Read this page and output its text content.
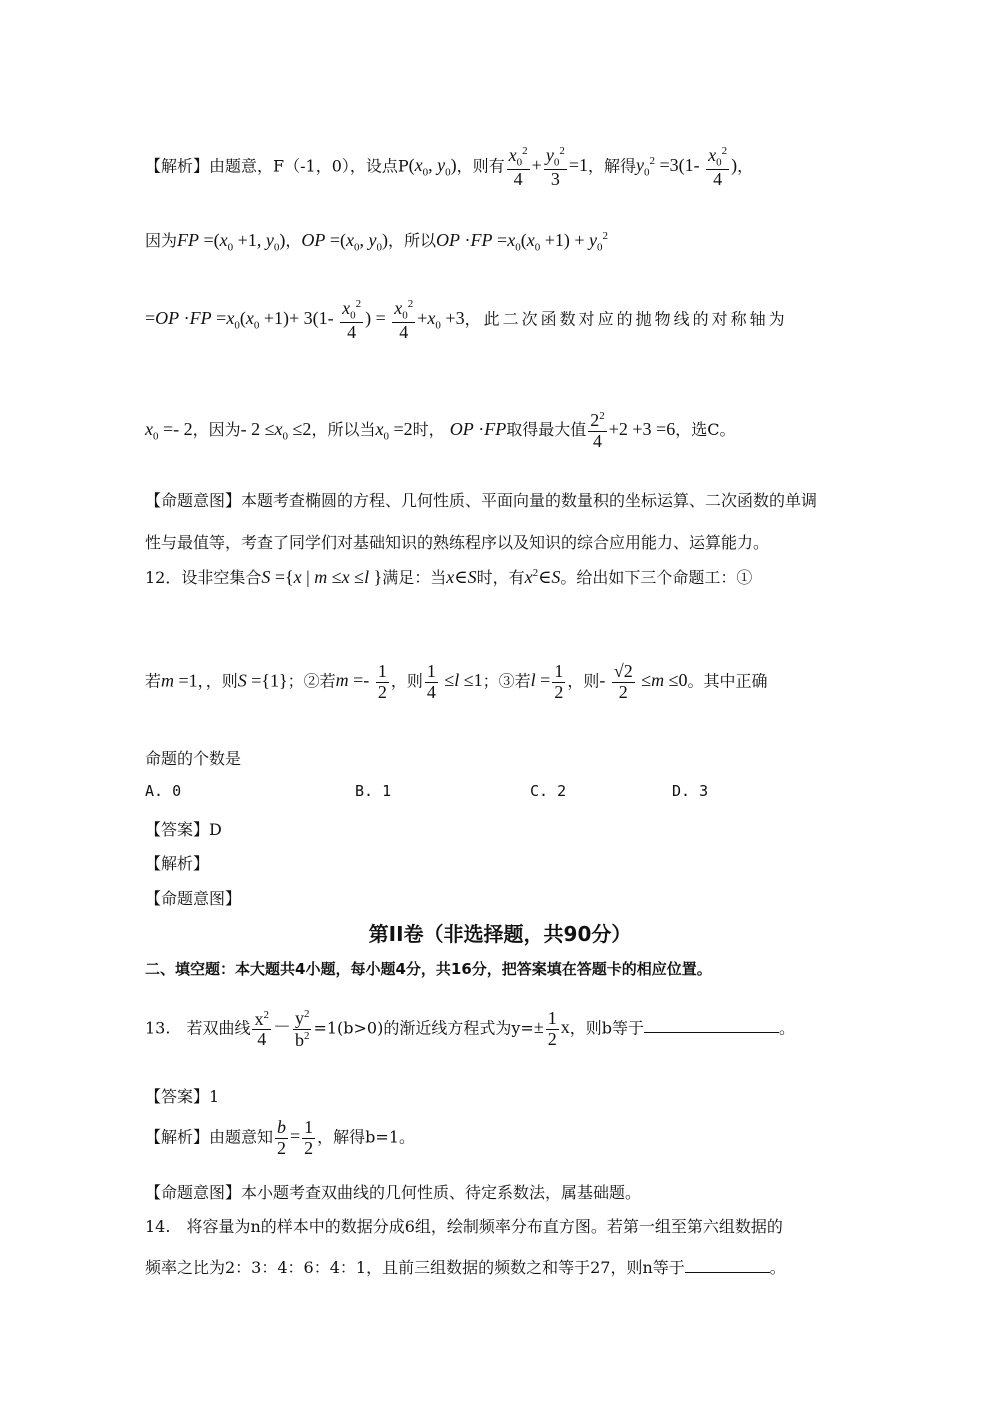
【解析】由题意，F（-1，0），设点$P(x_0$, $y_0$)，则有 $\frac{x_0^2}{4} + \frac{y_0^2}{3} =1$，解得$y_0^2 =3(1- \frac{x_0^2}{4}$ )，
因为FP $=(x_0 +1$, $y_0$)，OP $=(x_0$, $y_0$)，所以OP $\cdot FP =x_0(x_0 +1) + y_0^2$
$=OP \cdot FP =x_0(x_0 +1)+ 3(1- \frac{x_0^2}{4}$ ) = $\frac{x_0^2}{4} +x_0 +3$，此二次函数对应的抛物线的对称轴为
$x_0 =- 2$，因为- $2 \le x_0 \le 2$，所以当$x_0 =2$时， OP ·FP取得最大值 $\frac{2^2}{4} +2 +3 =6$，选C。
【命题意图】本题考查椭圆的方程、几何性质、平面向量的数量积的坐标运算、二次函数的单调
性与最值等，考查了同学们对基础知识的熟练程序以及知识的综合应用能力、运算能力。
12．设非空集合S ={x | m ≤x ≤l }满足：当x∈S时，有$x^2\in S$。给出如下三个命题工：①
若m =1，，则S ={1}；②若$m =- \frac{1}{2}$ ，则 $\frac{1}{4} \le l \le 1$；③若$l = \frac{1}{2}$ ，则- $\frac{√2}{2} \le m \le 0$。其中正确
命题的个数是
A. 0	B. 1	C. 2	D. 3
【答案】D
【解析】
【命题意图】
第II卷（非选择题，共90分）
二、填空题：本大题共4小题，每小题4分，共16分，把答案填在答题卡的相应位置。
13.　若双曲线 $\frac{x^2}{4} - \frac{y^2}{b^2} =1(b>0)$的渐近线方程式为$y=\pm \frac{1}{2}$ x，则b等于	。
【答案】1
【解析】由题意知 $\frac{b}{2} = \frac{1}{2}$ ，解得b=1。
【命题意图】本小题考查双曲线的几何性质、待定系数法，属基础题。
14.　将容量为n的样本中的数据分成6组，绘制频率分布直方图。若第一组至第六组数据的
频率之比为2：3：4：6：4：1，且前三组数据的频数之和等于27，则n等于	。
